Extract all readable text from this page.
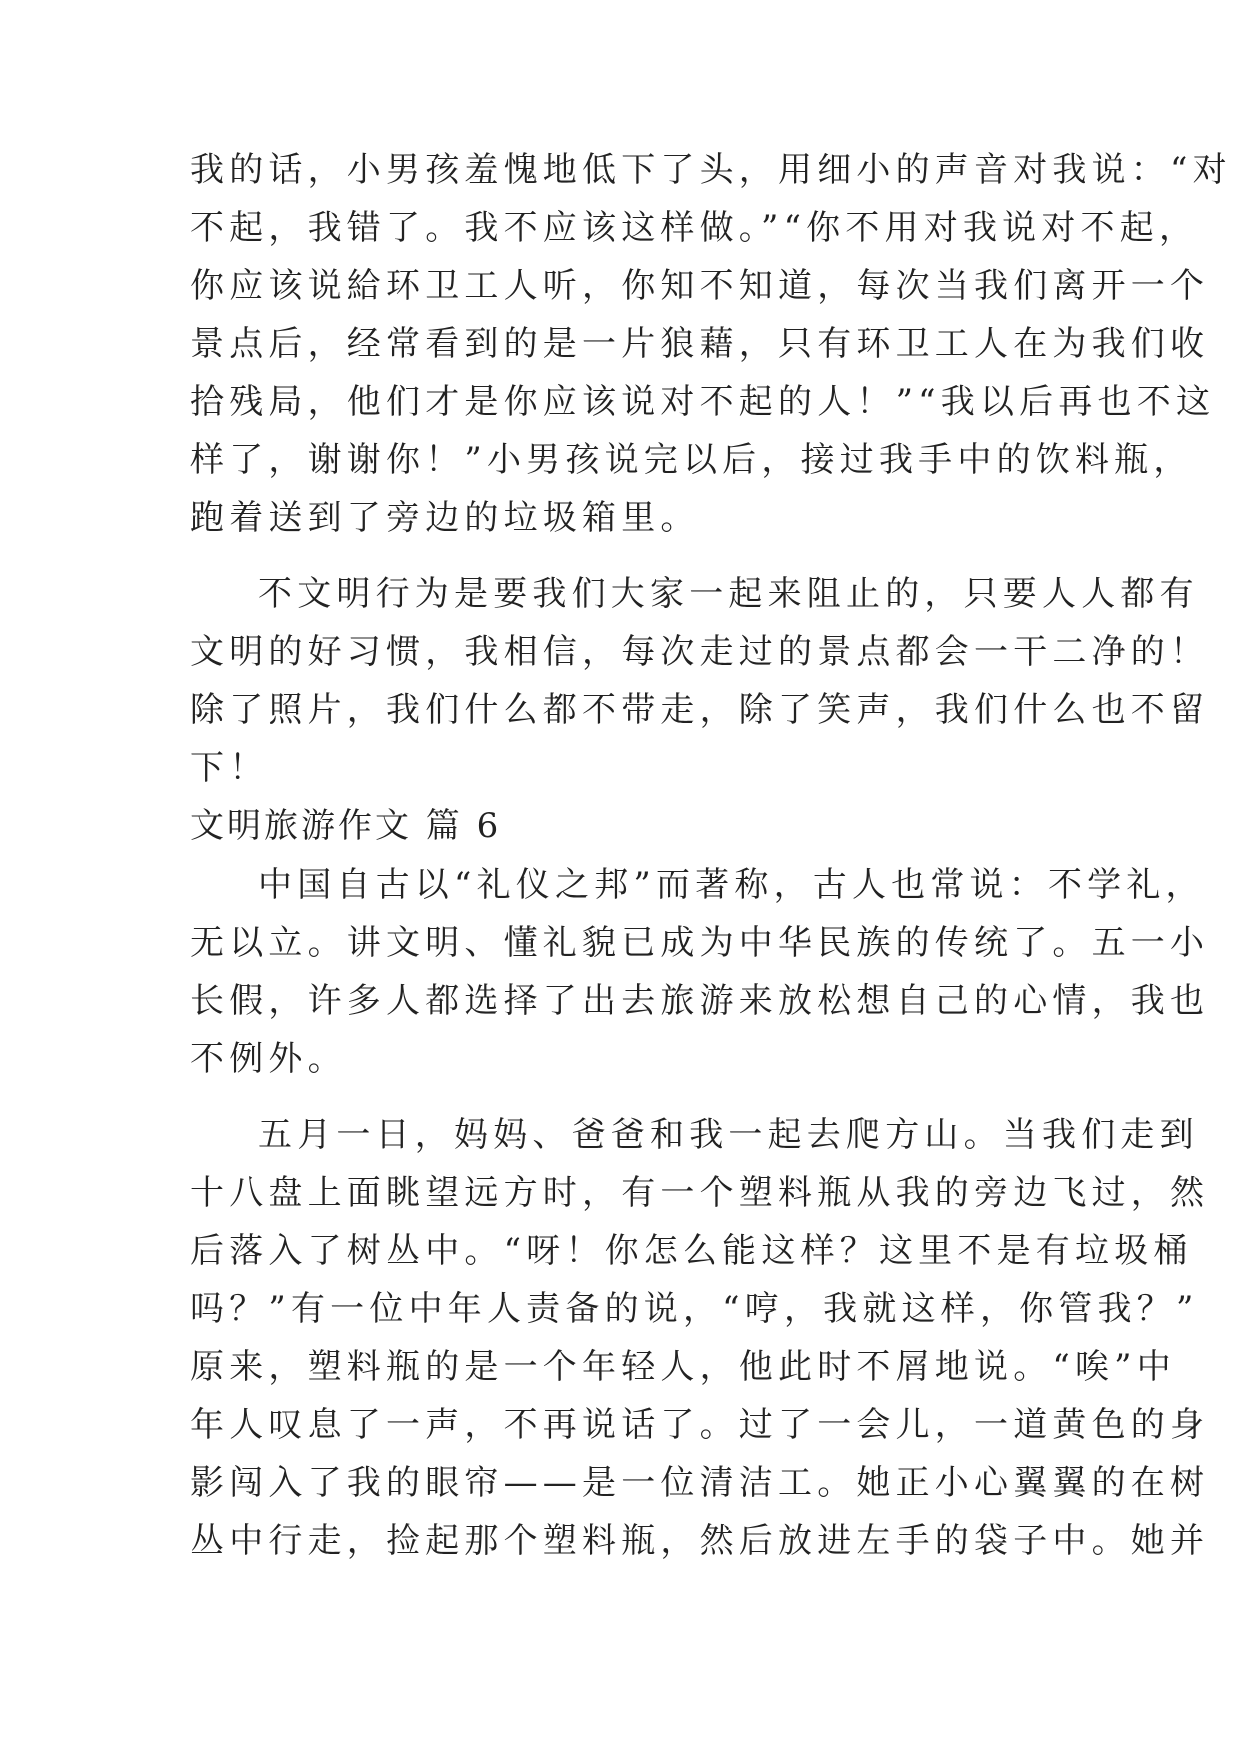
我的话，小男孩羞愧地低下了头，用细小的声音对我说：“对
不起，我错了。我不应该这样做。”“你不用对我说对不起，
你应该说給环卫工人听，你知不知道，每次当我们离开一个
景点后，经常看到的是一片狼藉，只有环卫工人在为我们收
拾残局，他们才是你应该说对不起的人！”“我以后再也不这
样了，谢谢你！”小男孩说完以后，接过我手中的饮料瓶，
跑着送到了旁边的垃圾箱里。
不文明行为是要我们大家一起来阻止的，只要人人都有
文明的好习惯，我相信，每次走过的景点都会一干二净的！
除了照片，我们什么都不带走，除了笑声，我们什么也不留
下！
文明旅游作文 篇 6
中国自古以“礼仪之邦”而著称，古人也常说：不学礼，
无以立。讲文明、懂礼貌已成为中华民族的传统了。五一小
长假，许多人都选择了出去旅游来放松想自己的心情，我也
不例外。
五月一日，妈妈、爸爸和我一起去爬方山。当我们走到
十八盘上面眺望远方时，有一个塑料瓶从我的旁边飞过，然
后落入了树丛中。“呀！你怎么能这样？这里不是有垃圾桶
吗？”有一位中年人责备的说，“哼，我就这样，你管我？”
原来，塑料瓶的是一个年轻人，他此时不屑地说。“唉”中
年人叹息了一声，不再说话了。过了一会儿，一道黄色的身
影闯入了我的眼帘——是一位清洁工。她正小心翼翼的在树
丛中行走，捡起那个塑料瓶，然后放进左手的袋子中。她并
